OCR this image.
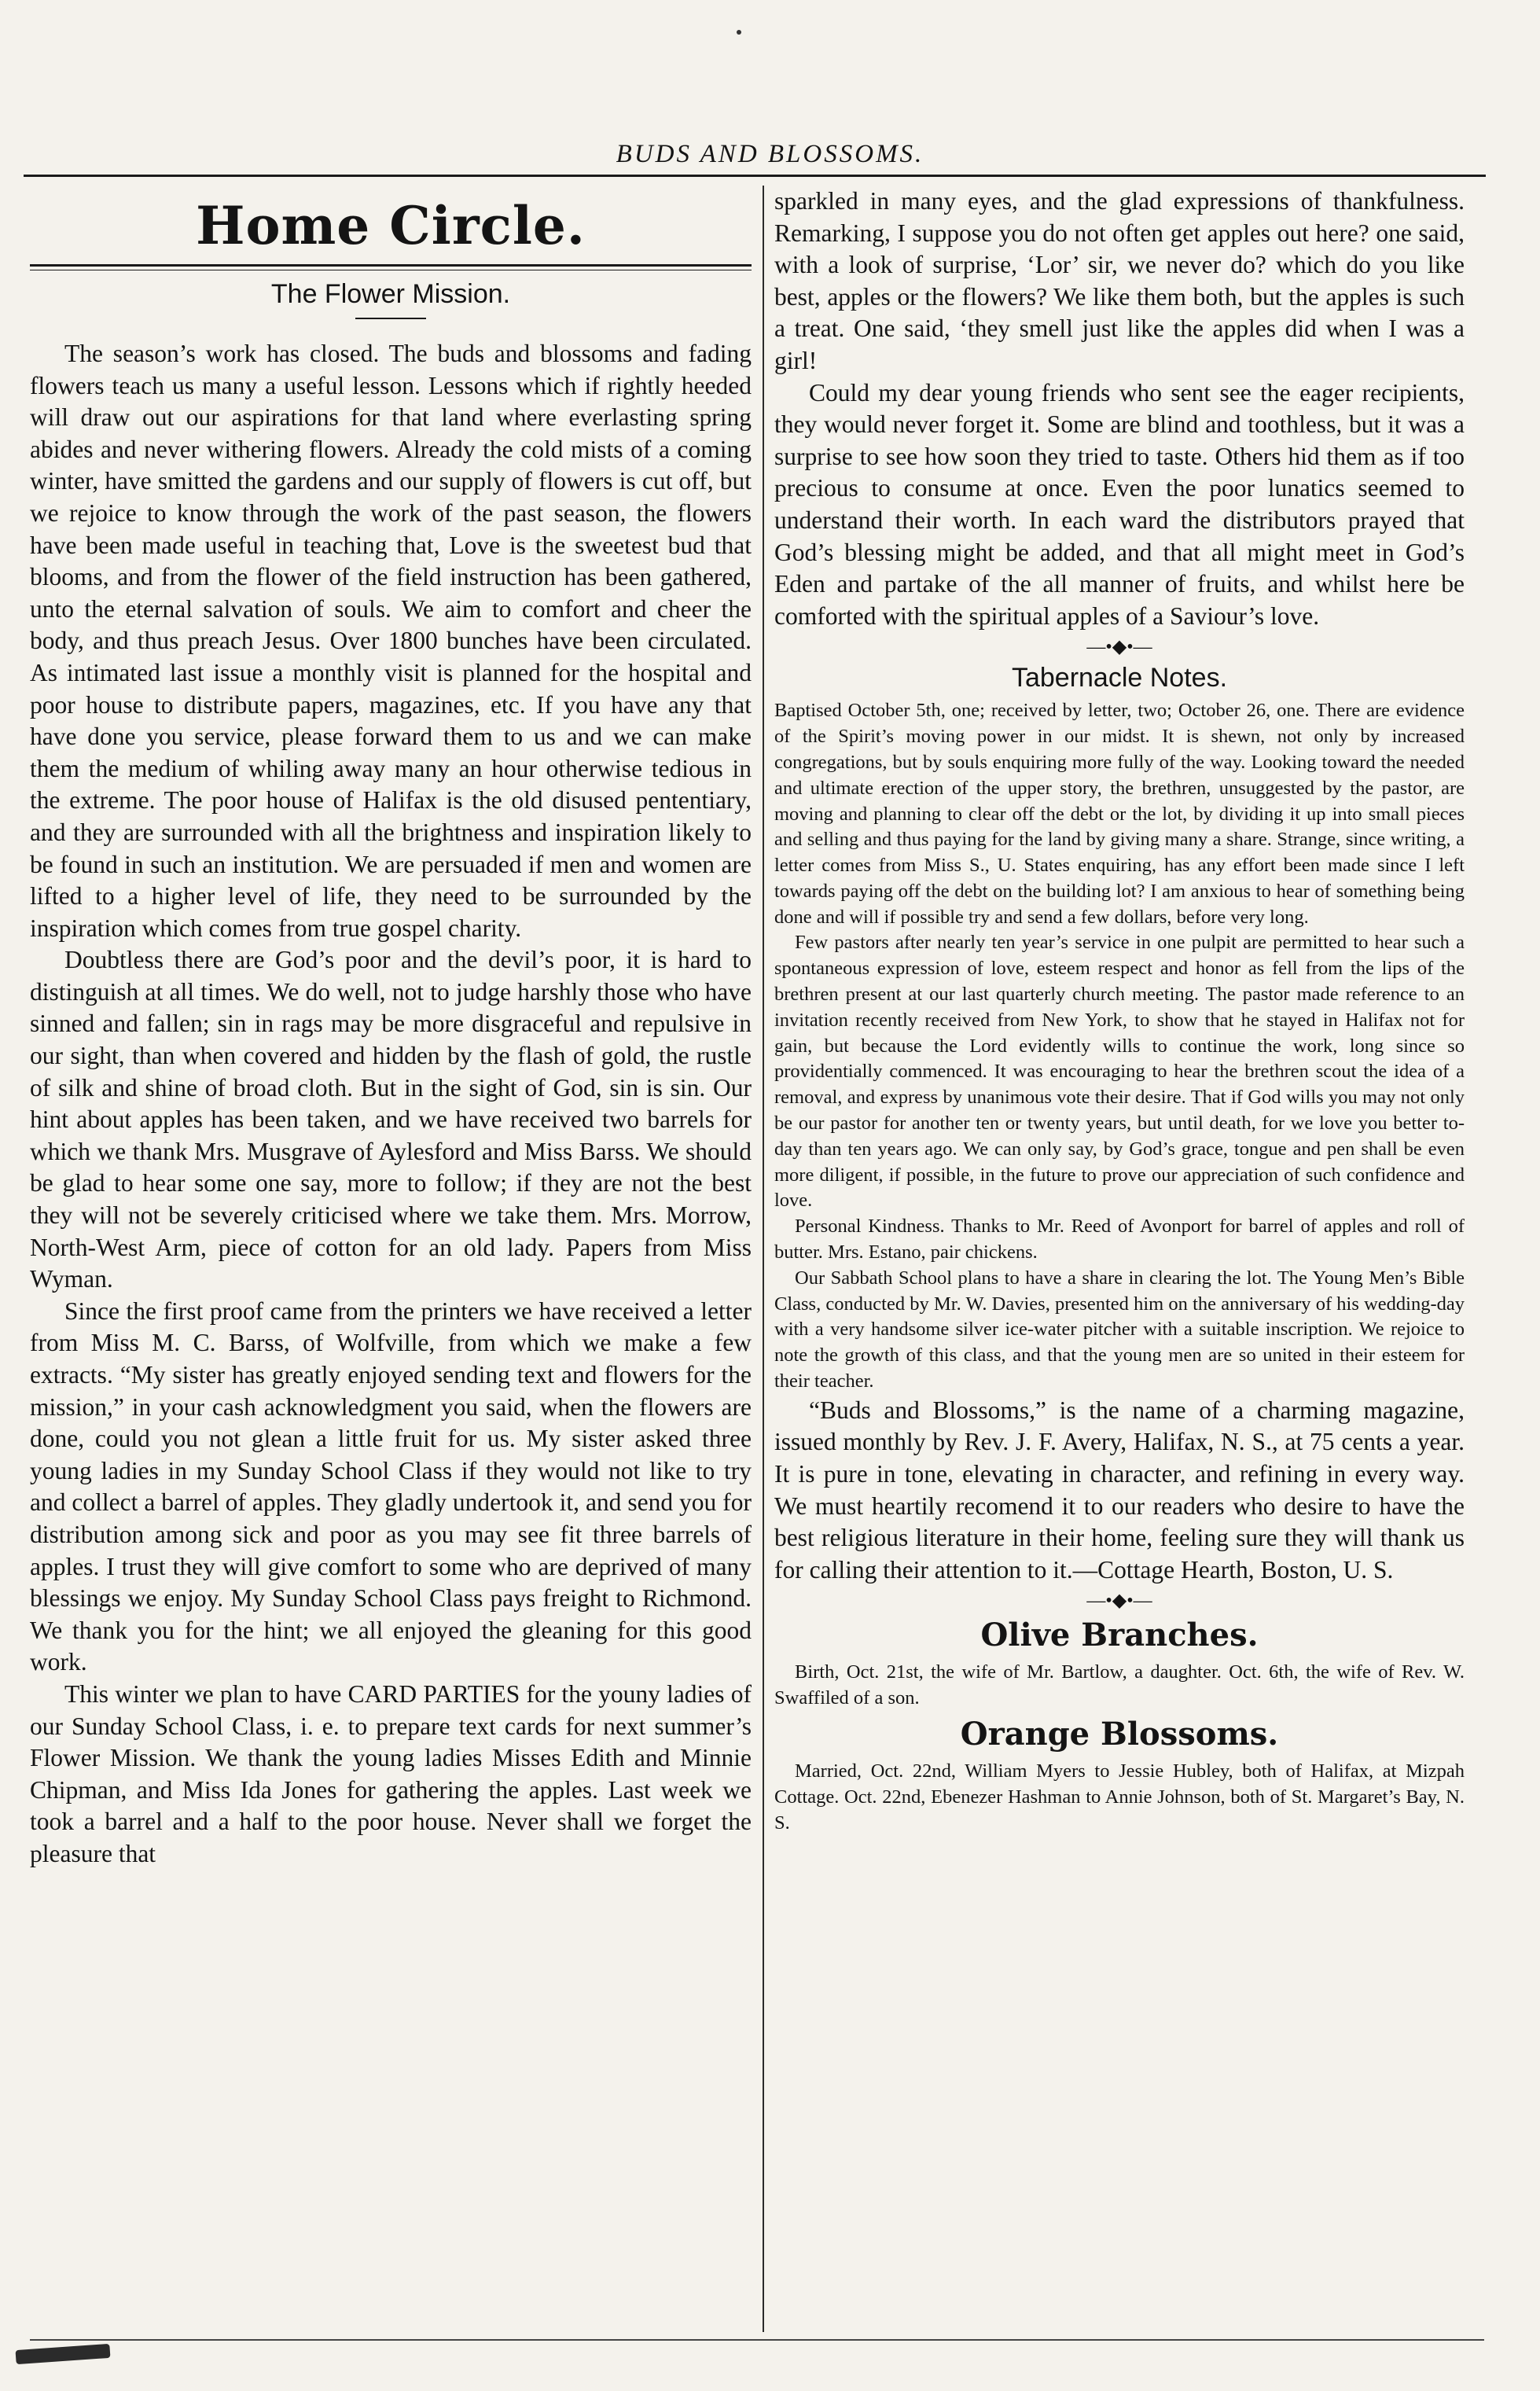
BUDS AND BLOSSOMS.
Home Circle.
The Flower Mission.

The season’s work has closed. The buds and blossoms and fading flowers teach us many a useful lesson. Lessons which if rightly heeded will draw out our aspirations for that land where everlasting spring abides and never withering flowers. Already the cold mists of a coming winter, have smitted the gardens and our supply of flowers is cut off, but we rejoice to know through the work of the past season, the flowers have been made useful in teaching that, Love is the sweetest bud that blooms, and from the flower of the field instruction has been gathered, unto the eternal salvation of souls. We aim to comfort and cheer the body, and thus preach Jesus. Over 1800 bunches have been circulated. As intimated last issue a monthly visit is planned for the hospital and poor house to distribute papers, magazines, etc. If you have any that have done you service, please forward them to us and we can make them the medium of whiling away many an hour otherwise tedious in the extreme. The poor house of Halifax is the old disused pententiary, and they are surrounded with all the brightness and inspiration likely to be found in such an institution. We are persuaded if men and women are lifted to a higher level of life, they need to be surrounded by the inspiration which comes from true gospel charity.

Doubtless there are God’s poor and the devil’s poor, it is hard to distinguish at all times. We do well, not to judge harshly those who have sinned and fallen; sin in rags may be more disgraceful and repulsive in our sight, than when covered and hidden by the flash of gold, the rustle of silk and shine of broad cloth. But in the sight of God, sin is sin. Our hint about apples has been taken, and we have received two barrels for which we thank Mrs. Musgrave of Aylesford and Miss Barss. We should be glad to hear some one say, more to follow; if they are not the best they will not be severely criticised where we take them. Mrs. Morrow, North-West Arm, piece of cotton for an old lady. Papers from Miss Wyman.

Since the first proof came from the printers we have received a letter from Miss M. C. Barss, of Wolfville, from which we make a few extracts. “My sister has greatly enjoyed sending text and flowers for the mission,” in your cash acknowledgment you said, when the flowers are done, could you not glean a little fruit for us. My sister asked three young ladies in my Sunday School Class if they would not like to try and collect a barrel of apples. They gladly undertook it, and send you for distribution among sick and poor as you may see fit three barrels of apples. I trust they will give comfort to some who are deprived of many blessings we enjoy. My Sunday School Class pays freight to Richmond. We thank you for the hint; we all enjoyed the gleaning for this good work.

This winter we plan to have CARD PARTIES for the youny ladies of our Sunday School Class, i. e. to prepare text cards for next summer’s Flower Mission. We thank the young ladies Misses Edith and Minnie Chipman, and Miss Ida Jones for gathering the apples. Last week we took a barrel and a half to the poor house. Never shall we forget the pleasure that

sparkled in many eyes, and the glad expressions of thankfulness. Remarking, I suppose you do not often get apples out here? one said, with a look of surprise, ‘Lor’ sir, we never do? which do you like best, apples or the flowers? We like them both, but the apples is such a treat. One said, ‘they smell just like the apples did when I was a girl!

Could my dear young friends who sent see the eager recipients, they would never forget it. Some are blind and toothless, but it was a surprise to see how soon they tried to taste. Others hid them as if too precious to consume at once. Even the poor lunatics seemed to understand their worth. In each ward the distributors prayed that God’s blessing might be added, and that all might meet in God’s Eden and partake of the all manner of fruits, and whilst here be comforted with the spiritual apples of a Saviour’s love.

—•◆•—
Tabernacle Notes.

Baptised October 5th, one; received by letter, two; October 26, one. There are evidence of the Spirit’s moving power in our midst. It is shewn, not only by increased congregations, but by souls enquiring more fully of the way. Looking toward the needed and ultimate erection of the upper story, the brethren, unsuggested by the pastor, are moving and planning to clear off the debt or the lot, by dividing it up into small pieces and selling and thus paying for the land by giving many a share. Strange, since writing, a letter comes from Miss S., U. States enquiring, has any effort been made since I left towards paying off the debt on the building lot? I am anxious to hear of something being done and will if possible try and send a few dollars, before very long.

Few pastors after nearly ten year’s service in one pulpit are permitted to hear such a spontaneous expression of love, esteem respect and honor as fell from the lips of the brethren present at our last quarterly church meeting. The pastor made reference to an invitation recently received from New York, to show that he stayed in Halifax not for gain, but because the Lord evidently wills to continue the work, long since so providentially commenced. It was encouraging to hear the brethren scout the idea of a removal, and express by unanimous vote their desire. That if God wills you may not only be our pastor for another ten or twenty years, but until death, for we love you better to-day than ten years ago. We can only say, by God’s grace, tongue and pen shall be even more diligent, if possible, in the future to prove our appreciation of such confidence and love.

Personal Kindness. Thanks to Mr. Reed of Avonport for barrel of apples and roll of butter. Mrs. Estano, pair chickens.

Our Sabbath School plans to have a share in clearing the lot. The Young Men’s Bible Class, conducted by Mr. W. Davies, presented him on the anniversary of his wedding-day with a very handsome silver ice-water pitcher with a suitable inscription. We rejoice to note the growth of this class, and that the young men are so united in their esteem for their teacher.

“Buds and Blossoms,” is the name of a charming magazine, issued monthly by Rev. J. F. Avery, Halifax, N. S., at 75 cents a year. It is pure in tone, elevating in character, and refining in every way. We must heartily recomend it to our readers who desire to have the best religious literature in their home, feeling sure they will thank us for calling their attention to it.—Cottage Hearth, Boston, U. S.

—•◆•—
Olive Branches.

Birth, Oct. 21st, the wife of Mr. Bartlow, a daughter. Oct. 6th, the wife of Rev. W. Swaffiled of a son.

Orange Blossoms.

Married, Oct. 22nd, William Myers to Jessie Hubley, both of Halifax, at Mizpah Cottage. Oct. 22nd, Ebenezer Hashman to Annie Johnson, both of St. Margaret’s Bay, N. S.
